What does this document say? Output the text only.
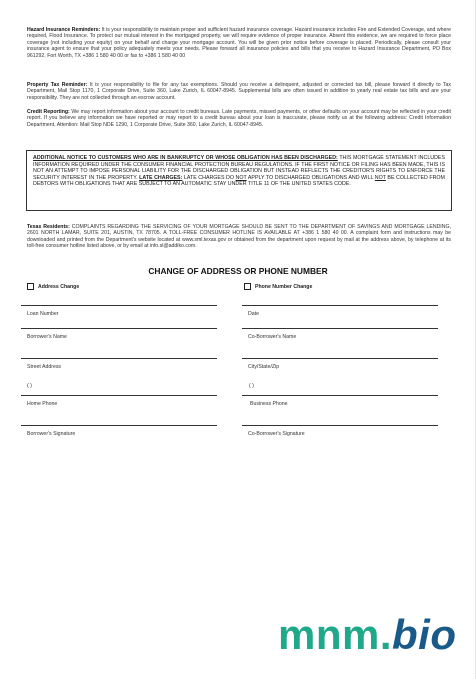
Hazard Insurance Reminders: It is your responsibility to maintain proper and sufficient hazard insurance coverage. Hazard insurance includes Fire and Extended Coverage, and where required, Flood Insurance. To protect our mutual interest in the mortgaged property, we will require evidence of proper insurance. Absent this evidence, we are required to force place coverage (not including your equity) on your behalf and charge your mortgage account. You will be given prior notice before coverage is placed. Periodically, please consult your insurance agent to ensure that your policy adequately meets your needs. Please forward all insurance policies and bills that you receive to Hazard Insurance Department, PO Box 961292, Fort Worth, TX +386 1 580 40 00 or fax to +386 1 580 40 00
Property Tax Reminder: It is your responsibility to file for any tax exemptions. Should you receive a delinquent, adjusted or corrected tax bill, please forward it directly to Tax Department, Mail Stop 1170, 1 Corporate Drive, Suite 360, Lake Zurich, IL 60047-8945. Supplemental bills are often issued in addition to yearly real estate tax bills and are your responsibility. They are not collected through an escrow account.
Credit Reporting: We may report information about your account to credit bureaus. Late payments, missed payments, or other defaults on your account may be reflected in your credit report. If you believe any information we have reported or may report to a credit bureau about your loan is inaccurate, please notify us at the following address: Credit Information Department, Attention: Mail Stop NDE 1290, 1 Corporate Drive, Suite 360, Lake Zurich, IL 60047-8945.
ADDITIONAL NOTICE TO CUSTOMERS WHO ARE IN BANKRUPTCY OR WHOSE OBLIGATION HAS BEEN DISCHARGED: THIS MORTGAGE STATEMENT INCLUDES INFORMATION REQUIRED UNDER THE CONSUMER FINANCIAL PROTECTION BUREAU REGULATIONS. IF THE FIRST NOTICE OR FILING HAS BEEN MADE, THIS IS NOT AN ATTEMPT TO IMPOSE PERSONAL LIABILITY FOR THE DISCHARGED OBLIGATION BUT INSTEAD REFLECTS THE CREDITOR'S RIGHTS TO ENFORCE THE SECURITY INTEREST IN THE PROPERTY. LATE CHARGES: LATE CHARGES DO NOT APPLY TO DISCHARGED OBLIGATIONS AND WILL NOT BE COLLECTED FROM DEBTORS WITH OBLIGATIONS THAT ARE SUBJECT TO AN AUTOMATIC STAY UNDER TITLE 11 OF THE UNITED STATES CODE.
Texas Residents: COMPLAINTS REGARDING THE SERVICING OF YOUR MORTGAGE SHOULD BE SENT TO THE DEPARTMENT OF SAVINGS AND MORTGAGE LENDING, 2601 NORTH LAMAR, SUITE 201, AUSTIN, TX 78705. A TOLL-FREE CONSUMER HOTLINE IS AVAILABLE AT +386 1 580 40 00. A complaint form and instructions may be downloaded and printed from the Department's website located at www.sml.texas.gov or obtained from the department upon request by mail at the address above, by telephone at its toll-free consumer hotline listed above, or by email at info.sl@addiko.com.
CHANGE OF ADDRESS OR PHONE NUMBER
Address Change	Phone Number Change
Loan Number	Date
Borrower's Name	Co-Borrower's Name
Street Address	City/State/Zip
( )	( )
Home Phone	Business Phone
Borrower's Signature	Co-Borrower's Signature
mnm.bio
